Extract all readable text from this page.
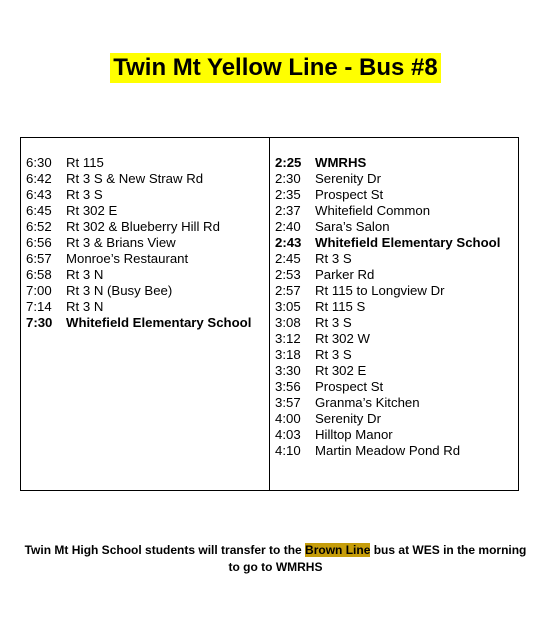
Twin Mt Yellow Line - Bus #8
6:30	Rt 115
6:42	Rt 3 S & New Straw Rd
6:43	Rt 3 S
6:45	Rt 302 E
6:52	Rt 302 & Blueberry Hill Rd
6:56	Rt 3 & Brians View
6:57	Monroe’s Restaurant
6:58	Rt 3 N
7:00	Rt 3 N (Busy Bee)
7:14	Rt 3 N
7:30	Whitefield Elementary School
2:25	WMRHS
2:30	Serenity Dr
2:35	Prospect St
2:37	Whitefield Common
2:40	Sara’s Salon
2:43	Whitefield Elementary School
2:45	Rt 3 S
2:53	Parker Rd
2:57	Rt 115 to Longview Dr
3:05	Rt 115 S
3:08	Rt 3 S
3:12	Rt 302 W
3:18	Rt 3 S
3:30	Rt 302 E
3:56	Prospect St
3:57	Granma’s Kitchen
4:00	Serenity Dr
4:03	Hilltop Manor
4:10	Martin Meadow Pond Rd
Twin Mt High School students will transfer to the Brown Line bus at WES in the morning to go to WMRHS
